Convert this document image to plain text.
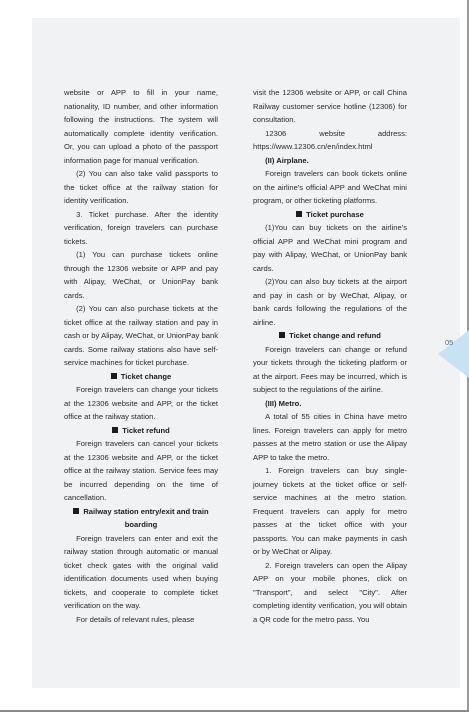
website or APP to fill in your name, nationality, ID number, and other information following the instructions. The system will automatically complete identity verification. Or, you can upload a photo of the passport information page for manual verification.

(2) You can also take valid passports to the ticket office at the railway station for identity verification.

3. Ticket purchase. After the identity verification, foreign travelers can purchase tickets.

(1) You can purchase tickets online through the 12306 website or APP and pay with Alipay, WeChat, or UnionPay bank cards.

(2) You can also purchase tickets at the ticket office at the railway station and pay in cash or by Alipay, WeChat, or UnionPay bank cards. Some railway stations also have self-service machines for ticket purchase.

Ticket change

Foreign travelers can change your tickets at the 12306 website and APP, or the ticket office at the railway station.

Ticket refund

Foreign travelers can cancel your tickets at the 12306 website and APP, or the ticket office at the railway station. Service fees may be incurred depending on the time of cancellation.

Railway station entry/exit and train boarding

Foreign travelers can enter and exit the railway station through automatic or manual ticket check gates with the original valid identification documents used when buying tickets, and cooperate to complete ticket verification on the way.

For details of relevant rules, please

visit the 12306 website or APP, or call China Railway customer service hotline (12306) for consultation.

12306 website address: https://www.12306.cn/en/index.html

(II) Airplane.

Foreign travelers can book tickets online on the airline's official APP and WeChat mini program, or other ticketing platforms.

Ticket purchase

(1)You can buy tickets on the airline's official APP and WeChat mini program and pay with Alipay, WeChat, or UnionPay bank cards.

(2)You can also buy tickets at the airport and pay in cash or by WeChat, Alipay, or bank cards following the regulations of the airline.

Ticket change and refund

Foreign travelers can change or refund your tickets through the ticketing platform or at the airport. Fees may be incurred, which is subject to the regulations of the airline.

(III) Metro.

A total of 55 cities in China have metro lines. Foreign travelers can apply for metro passes at the metro station or use the Alipay APP to take the metro.

1. Foreign travelers can buy single-journey tickets at the ticket office or self-service machines at the metro station. Frequent travelers can apply for metro passes at the ticket office with your passports. You can make payments in cash or by WeChat or Alipay.

2. Foreign travelers can open the Alipay APP on your mobile phones, click on "Transport", and select "City". After completing identity verification, you will obtain a QR code for the metro pass. You

05
